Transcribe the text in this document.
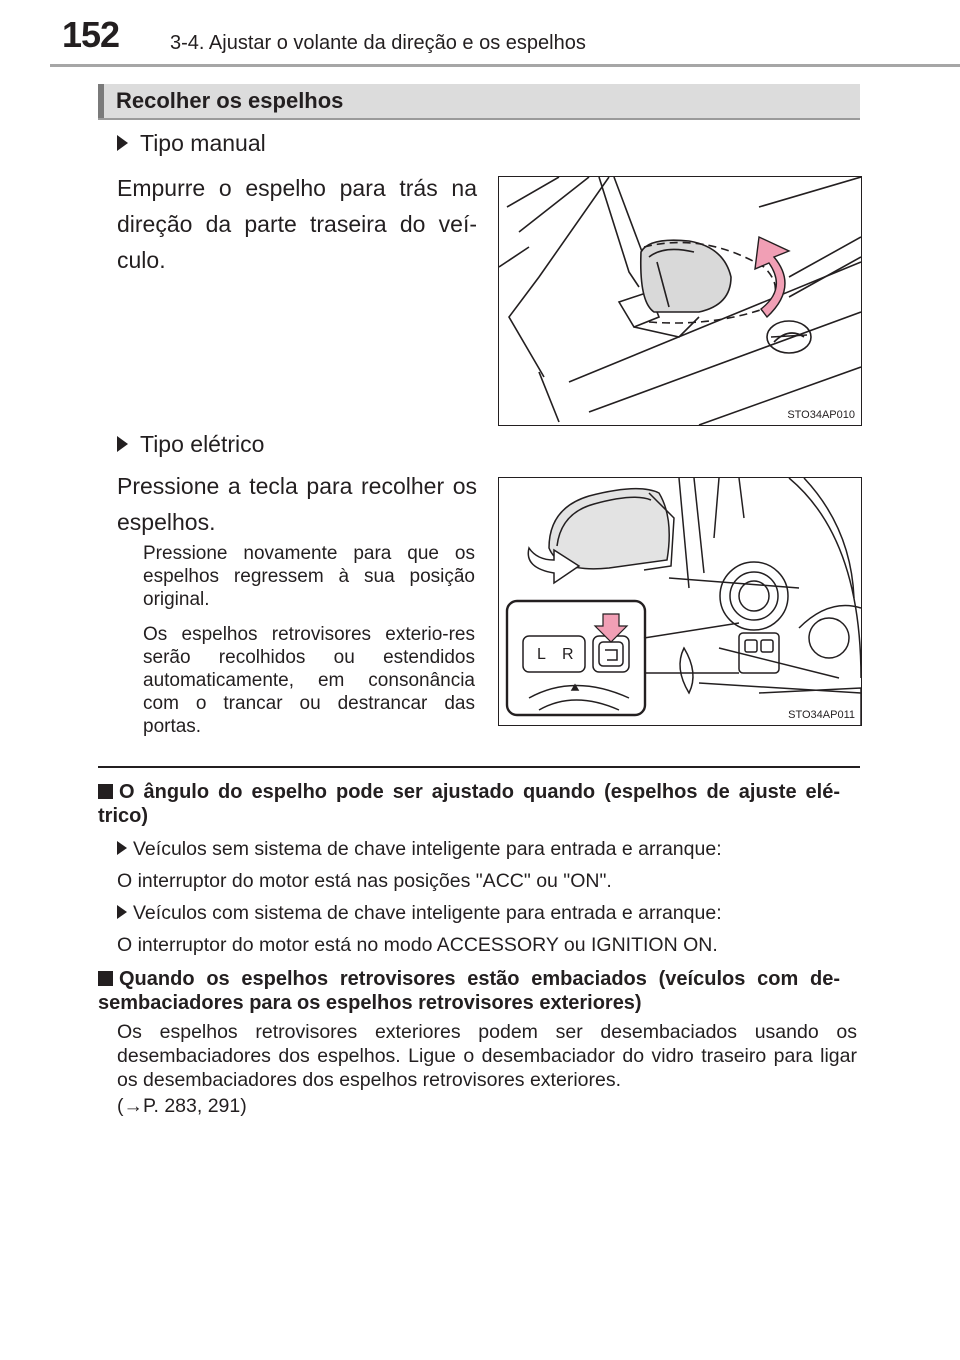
152	3-4. Ajustar o volante da direção e os espelhos
Recolher os espelhos
Tipo manual
Empurre o espelho para trás na direção da parte traseira do veí-culo.
STO34AP010
Tipo elétrico
Pressione a tecla para recolher os espelhos.
Pressione novamente para que os espelhos regressem à sua posição original.
Os espelhos retrovisores exterio-res serão recolhidos ou estendidos automaticamente, em consonância com o trancar ou destrancar das portas.
L R
STO34AP011
O ângulo do espelho pode ser ajustado quando (espelhos de ajuste elé-trico)
Veículos sem sistema de chave inteligente para entrada e arranque:
O interruptor do motor está nas posições "ACC" ou "ON".
Veículos com sistema de chave inteligente para entrada e arranque:
O interruptor do motor está no modo ACCESSORY ou IGNITION ON.
Quando os espelhos retrovisores estão embaciados (veículos com de-sembaciadores para os espelhos retrovisores exteriores)
Os espelhos retrovisores exteriores podem ser desembaciados usando os desembaciadores dos espelhos. Ligue o desembaciador do vidro traseiro para ligar os desembaciadores dos espelhos retrovisores exteriores.
(→P. 283, 291)
